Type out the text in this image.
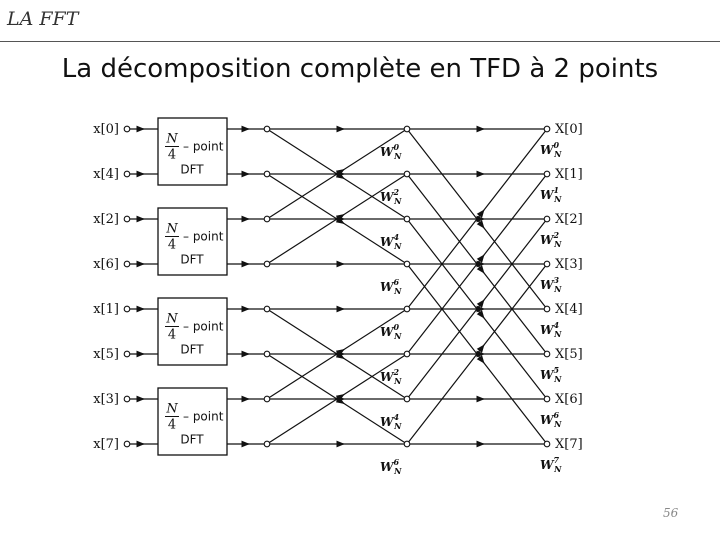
LA FFT
La décomposition complète en TFD à 2 points
N
4
– point
DFT
N
4
– point
DFT
N
4
– point
DFT
N
4
– point
DFT
x[0]
x[4]
x[2]
x[6]
x[1]
x[5]
x[3]
x[7]
$W^0$ N	$W^0$ N
$W^2$ N	$W^1$ N
$W^4$ N	$W^2$ N
$W^6$ N	$W^3$ N
$W^0$ N	$W^4$ N
$W^2$ N	$W^5$ N
$W^4$ N	$W^6$ N
$W^6$ N	$W^7$ N
X[0]
X[1]
X[2]
X[3]
X[4]
X[5]
X[6]
X[7]
56
